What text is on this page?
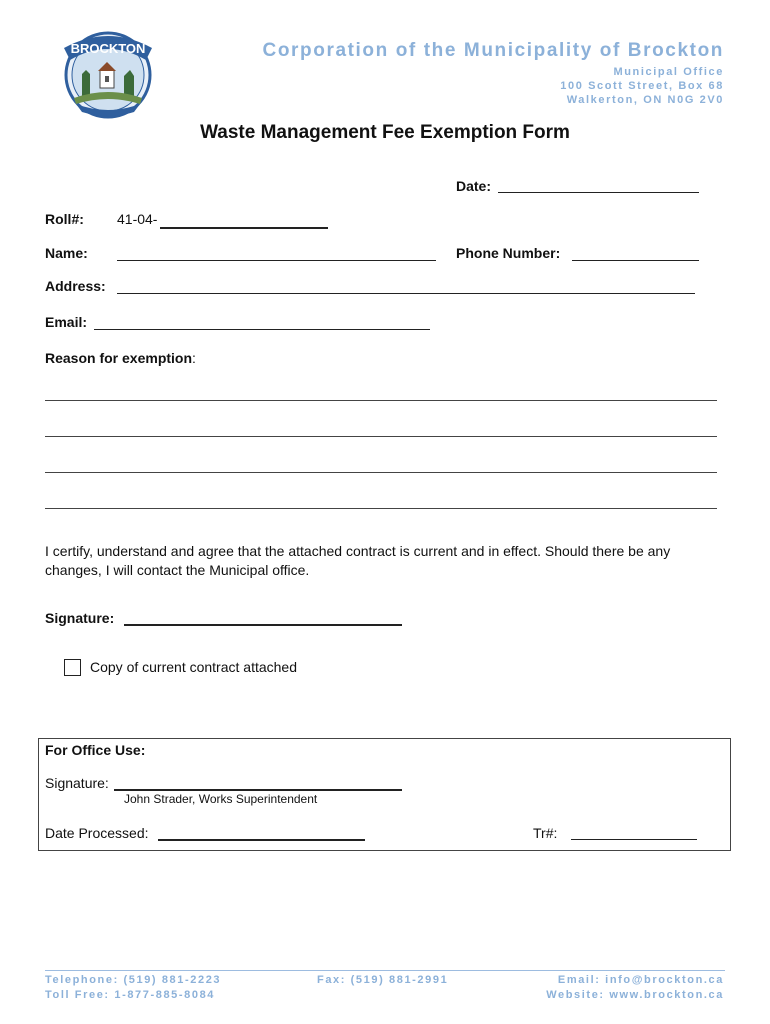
BROCKTON	Corporation of the Municipality of Brockton
Municipal Office
100 Scott Street, Box 68
Walkerton, ON N0G 2V0
Waste Management Fee Exemption Form
Date:
Roll#: 41-04-
Name:	Phone Number:
Address:
Email:
Reason for exemption:
I certify, understand and agree that the attached contract is current and in effect. Should there be any
changes, I will contact the Municipal office.
Signature:
Copy of current contract attached
For Office Use:
Signature:
John Strader, Works Superintendent
Date Processed:	Tr#:
Telephone: (519) 881-2223
Toll Free: 1-877-885-8084
Fax: (519) 881-2991	Email: info@brockton.ca
Website: www.brockton.ca
